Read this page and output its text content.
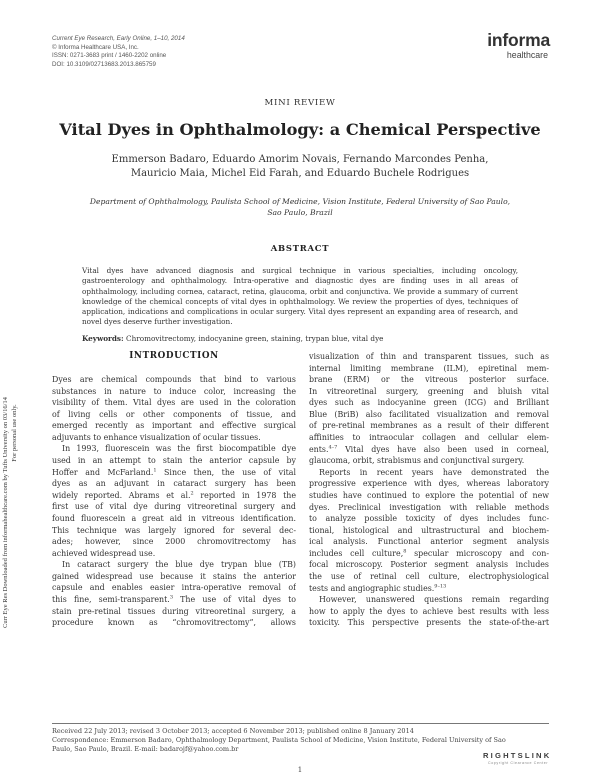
Current Eye Research, Early Online, 1–10, 2014
© Informa Healthcare USA, Inc.
ISSN: 0271-3683 print / 1460-2202 online
DOI: 10.3109/02713683.2013.865759
informa
healthcare
MINI REVIEW
Vital Dyes in Ophthalmology: a Chemical Perspective
Emmerson Badaro, Eduardo Amorim Novais, Fernando Marcondes Penha,
Mauricio Maia, Michel Eid Farah, and Eduardo Buchele Rodrigues
Department of Ophthalmology, Paulista School of Medicine, Vision Institute, Federal University of Sao Paulo,
Sao Paulo, Brazil
ABSTRACT
Vital dyes have advanced diagnosis and surgical technique in various specialties, including oncology, gastroenterology and ophthalmology. Intra-operative and diagnostic dyes are finding uses in all areas of ophthalmology, including cornea, cataract, retina, glaucoma, orbit and conjunctiva. We provide a summary of current knowledge of the chemical concepts of vital dyes in ophthalmology. We review the properties of dyes, techniques of application, indications and complications in ocular surgery. Vital dyes represent an expanding area of research, and novel dyes deserve further investigation.
Keywords: Chromovitrectomy, indocyanine green, staining, trypan blue, vital dye
INTRODUCTION
Dyes are chemical compounds that bind to various
substances in nature to induce color, increasing the
visibility of them. Vital dyes are used in the coloration
of living cells or other components of tissue, and
emerged recently as important and effective surgical
adjuvants to enhance visualization of ocular tissues.
In 1993, fluorescein was the first biocompatible dye
used in an attempt to stain the anterior capsule by
Hoffer and McFarland.$^1$ Since then, the use of vital
dyes as an adjuvant in cataract surgery has been
widely reported. Abrams et al.$^2$ reported in 1978 the
first use of vital dye during vitreoretinal surgery and
found fluorescein a great aid in vitreous identification.
This technique was largely ignored for several dec-
ades; however, since 2000 chromovitrectomy has
achieved widespread use.
In cataract surgery the blue dye trypan blue (TB)
gained widespread use because it stains the anterior
capsule and enables easier intra-operative removal of
this fine, semi-transparent.$^3$ The use of vital dyes to
stain pre-retinal tissues during vitreoretinal surgery, a
procedure known as “chromovitrectomy”, allows
visualization of thin and transparent tissues, such as
internal limiting membrane (ILM), epiretinal mem-
brane (ERM) or the vitreous posterior surface.
In vitreoretinal surgery, greening and bluish vital
dyes such as indocyanine green (ICG) and Brilliant
Blue (BriB) also facilitated visualization and removal
of pre-retinal membranes as a result of their different
affinities to intraocular collagen and cellular elem-
ents.$^{4-7}$ Vital dyes have also been used in corneal,
glaucoma, orbit, strabismus and conjunctival surgery.
Reports in recent years have demonstrated the
progressive experience with dyes, whereas laboratory
studies have continued to explore the potential of new
dyes. Preclinical investigation with reliable methods
to analyze possible toxicity of dyes includes func-
tional, histological and ultrastructural and biochem-
ical analysis. Functional anterior segment analysis
includes cell culture,$^8$ specular microscopy and con-
focal microscopy. Posterior segment analysis includes
the use of retinal cell culture, electrophysiological
tests and angiographic studies.$^{9-13}$
However, unanswered questions remain regarding
how to apply the dyes to achieve best results with less
toxicity. This perspective presents the state-of-the-art
Received 22 July 2013; revised 3 October 2013; accepted 6 November 2013; published online 8 January 2014
Correspondence: Emmerson Badaro, Ophthalmology Department, Paulista School of Medicine, Vision Institute, Federal University of Sao
Paulo, Sao Paulo, Brazil. E-mail: badarojf@yahoo.com.br
1
RIGHTSLINK
Copyright Clearance Center
Curr Eye Res Downloaded from informahealthcare.com by Tufts University on 03/16/14 For personal use only.
